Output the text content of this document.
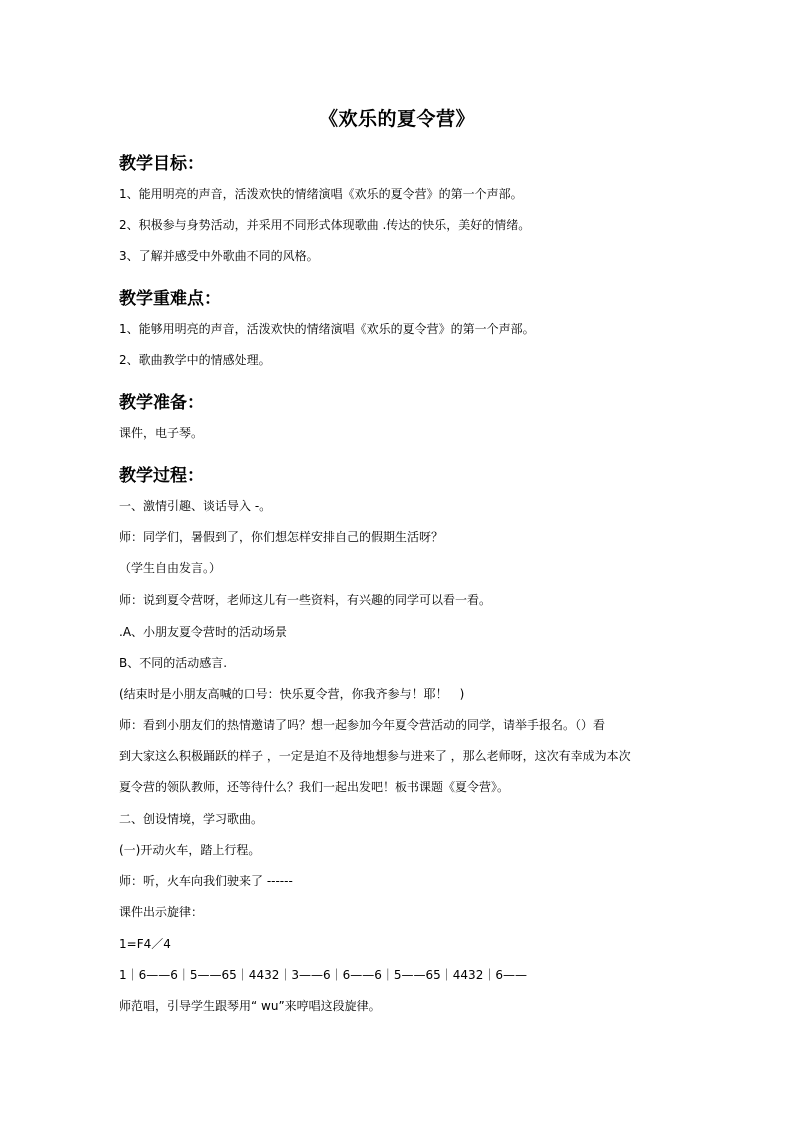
《欢乐的夏令营》
教学目标：
1、能用明亮的声音，活泼欢快的情绪演唱《欢乐的夏令营》的第一个声部。
2、积极参与身势活动，并采用不同形式体现歌曲 .传达的快乐，美好的情绪。
3、了解并感受中外歌曲不同的风格。
教学重难点：
1、能够用明亮的声音，活泼欢快的情绪演唱《欢乐的夏令营》的第一个声部。
2、歌曲教学中的情感处理。
教学准备：
课件，电子琴。
教学过程：
一、激情引趣、谈话导入 -。
师：同学们，暑假到了，你们想怎样安排自己的假期生活呀？
（学生自由发言。）
师：说到夏令营呀，老师这儿有一些资料，有兴趣的同学可以看一看。
.A、小朋友夏令营时的活动场景
B、不同的活动感言.
(结束时是小朋友高喊的口号：快乐夏令营，你我齐参与！耶！　)
师：看到小朋友们的热情邀请了吗？想一起参加今年夏令营活动的同学，请举手报名。（）看
到大家这么积极踊跃的样子 ，一定是迫不及待地想参与进来了 ，那么老师呀，这次有幸成为本次
夏令营的领队教师，还等待什么？我们一起出发吧！板书课题《夏令营》。
二、创设情境，学习歌曲。
(一)开动火车，踏上行程。
师：听，火车向我们驶来了 ------
课件出示旋律：
1=F4／4
1｜6——6｜5——65｜4432｜3——6｜6——6｜5——65｜4432｜6——
师范唱，引导学生跟琴用“ wu”来哼唱这段旋律。
